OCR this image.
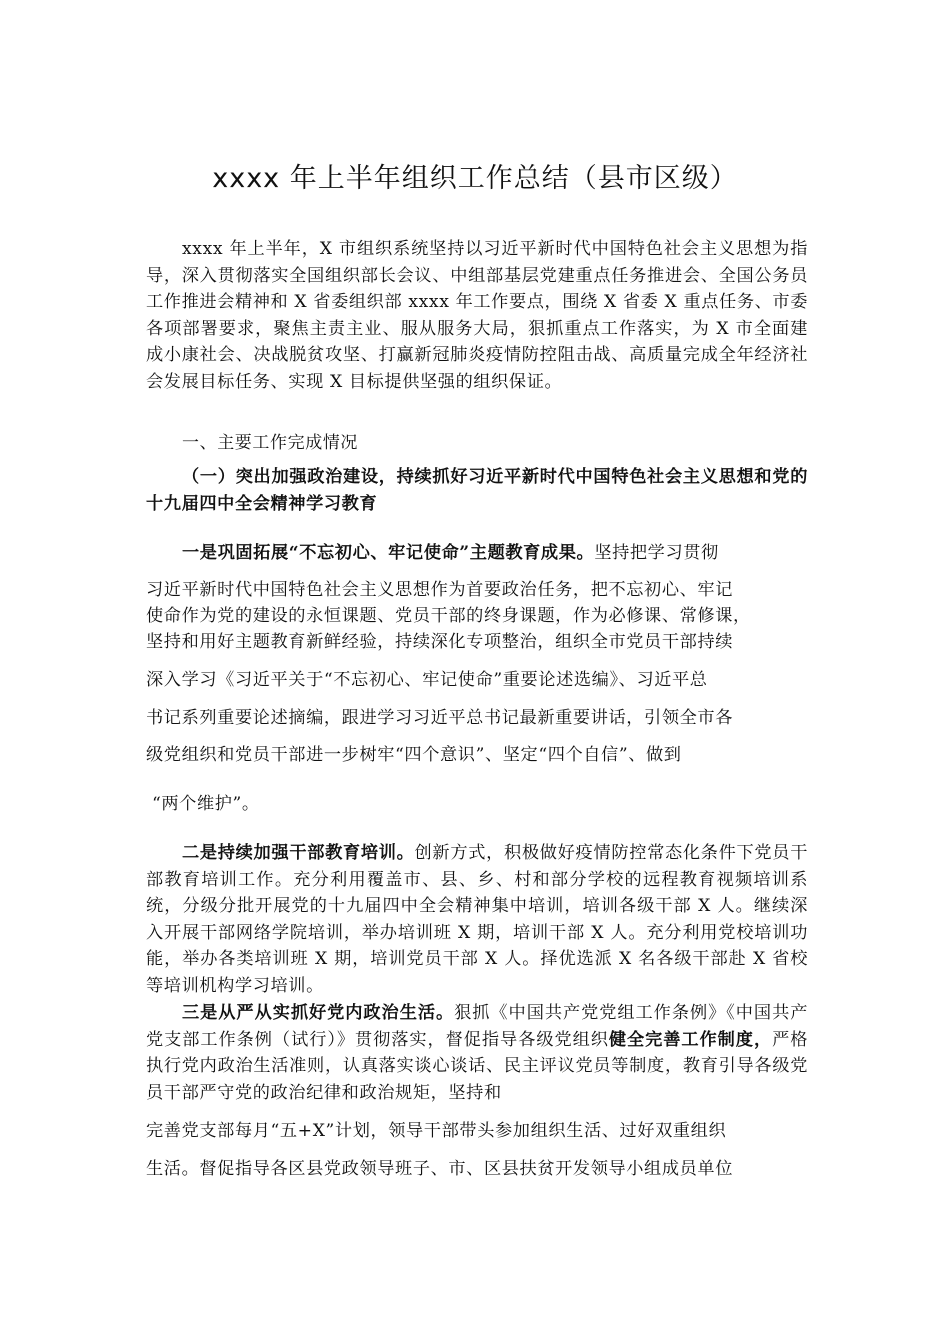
xxxx 年上半年组织工作总结（县市区级）
xxxx 年上半年，X 市组织系统坚持以习近平新时代中国特色社会主义思想为指导，深入贯彻落实全国组织部长会议、中组部基层党建重点任务推进会、全国公务员工作推进会精神和 X 省委组织部 xxxx 年工作要点，围绕 X 省委 X 重点任务、市委各项部署要求，聚焦主责主业、服从服务大局，狠抓重点工作落实，为 X 市全面建成小康社会、决战脱贫攻坚、打赢新冠肺炎疫情防控阻击战、高质量完成全年经济社会发展目标任务、实现 X 目标提供坚强的组织保证。
一、主要工作完成情况
（一）突出加强政治建设，持续抓好习近平新时代中国特色社会主义思想和党的十九届四中全会精神学习教育
一是巩固拓展“不忘初心、牢记使命”主题教育成果。坚持把学习贯彻
习近平新时代中国特色社会主义思想作为首要政治任务，把不忘初心、牢记
使命作为党的建设的永恒课题、党员干部的终身课题，作为必修课、常修课，
坚持和用好主题教育新鲜经验，持续深化专项整治，组织全市党员干部持续
深入学习《习近平关于“不忘初心、牢记使命”重要论述选编》、习近平总
书记系列重要论述摘编，跟进学习习近平总书记最新重要讲话，引领全市各
级党组织和党员干部进一步树牢“四个意识”、坚定“四个自信”、做到
“两个维护”。
二是持续加强干部教育培训。创新方式，积极做好疫情防控常态化条件下党员干部教育培训工作。充分利用覆盖市、县、乡、村和部分学校的远程教育视频培训系统，分级分批开展党的十九届四中全会精神集中培训，培训各级干部 X 人。继续深入开展干部网络学院培训，举办培训班 X 期，培训干部 X 人。充分利用党校培训功能，举办各类培训班 X 期，培训党员干部 X 人。择优选派 X 名各级干部赴 X 省校等培训机构学习培训。
三是从严从实抓好党内政治生活。狠抓《中国共产党党组工作条例》《中国共产党支部工作条例（试行）》贯彻落实，督促指导各级党组织健全完善工作制度，严格执行党内政治生活准则，认真落实谈心谈话、民主评议党员等制度，教育引导各级党员干部严守党的政治纪律和政治规矩，坚持和
完善党支部每月“五+X”计划，领导干部带头参加组织生活、过好双重组织
生活。督促指导各区县党政领导班子、市、区县扶贫开发领导小组成员单位
